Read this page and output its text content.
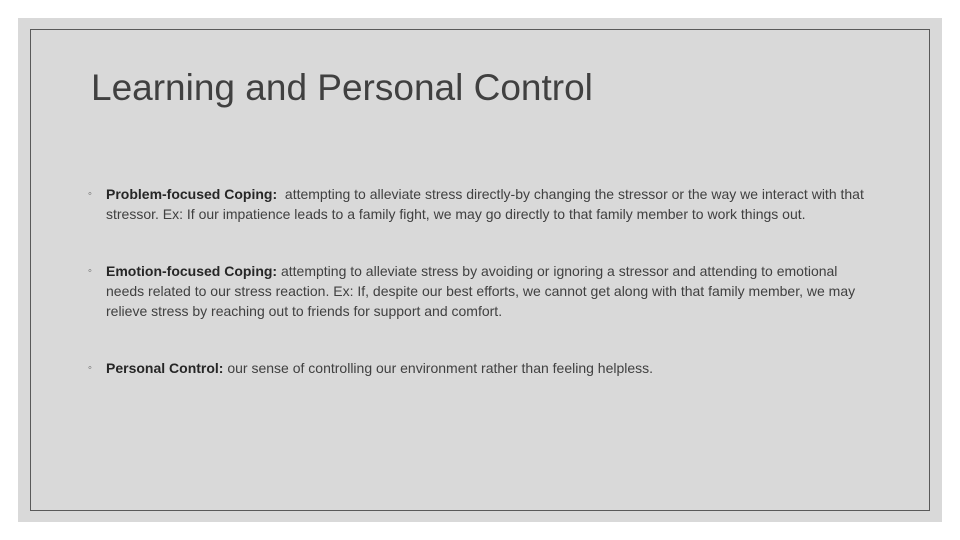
Learning and Personal Control
◦ Problem-focused Coping:  attempting to alleviate stress directly-by changing the stressor or the way we interact with that stressor. Ex: If our impatience leads to a family fight, we may go directly to that family member to work things out.
◦ Emotion-focused Coping: attempting to alleviate stress by avoiding or ignoring a stressor and attending to emotional needs related to our stress reaction. Ex: If, despite our best efforts, we cannot get along with that family member, we may relieve stress by reaching out to friends for support and comfort.
◦ Personal Control: our sense of controlling our environment rather than feeling helpless.
